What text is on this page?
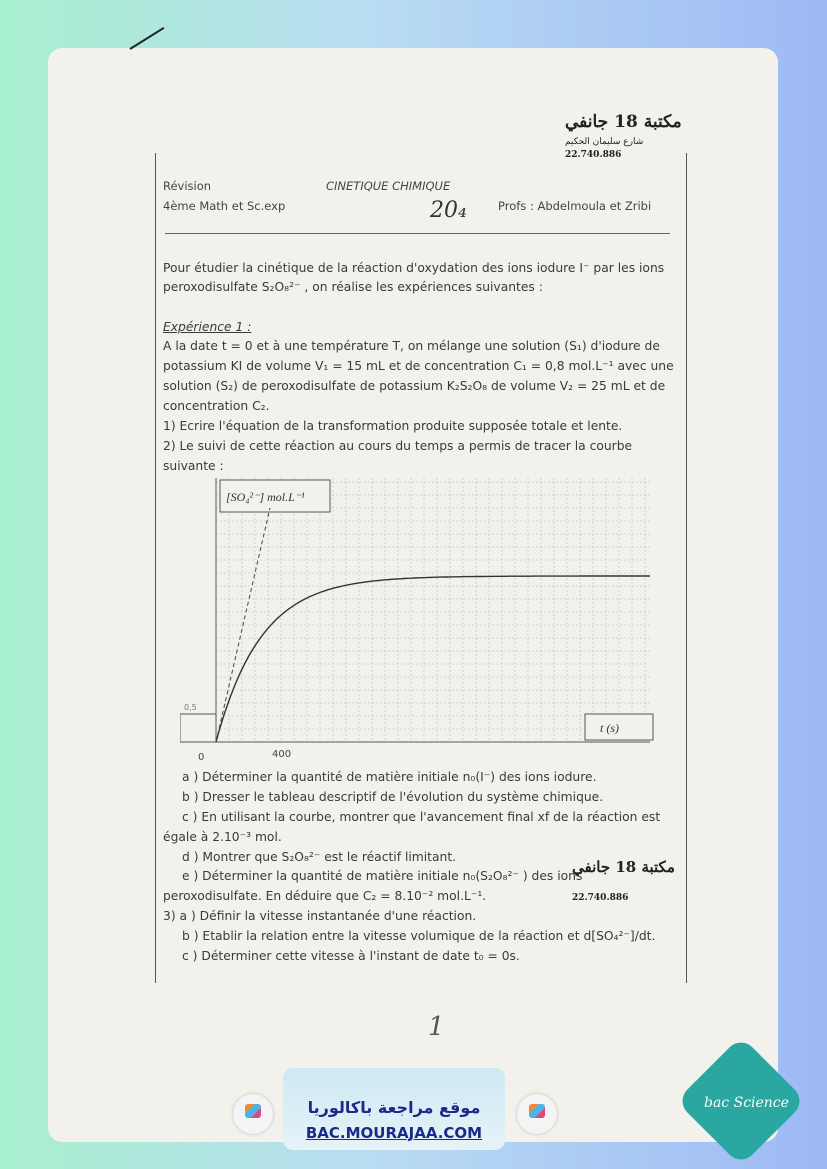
مكتبة 18 جانفي
شارع سليمان الحكيم
22.740.886
Révision
4ème Math et Sc.exp
CINETIQUE CHIMIQUE
20₄	Profs : Abdelmoula et Zribi
Pour étudier la cinétique de la réaction d'oxydation des ions iodure I⁻ par les ions
peroxodisulfate S₂O₈²⁻ , on réalise les expériences suivantes :
Expérience 1 :
A la date t = 0 et à une température T, on mélange une solution (S₁) d'iodure de
potassium KI de volume V₁ = 15 mL et de concentration C₁ = 0,8 mol.L⁻¹ avec une
solution (S₂) de peroxodisulfate de potassium K₂S₂O₈ de volume V₂ = 25 mL et de
concentration C₂.
1) Ecrire l'équation de la transformation produite supposée totale et lente.
2) Le suivi de cette réaction au cours du temps a permis de tracer la courbe
suivante :
[SO₄²⁻] mol.L⁻¹
t (s)
0	400
0,5
a ) Déterminer la quantité de matière initiale n₀(I⁻) des ions iodure.
b ) Dresser le tableau descriptif de l'évolution du système chimique.
c ) En utilisant la courbe, montrer que l'avancement final xf de la réaction est
égale à 2.10⁻³ mol.
d ) Montrer que S₂O₈²⁻ est le réactif limitant.
e ) Déterminer la quantité de matière initiale n₀(S₂O₈²⁻ ) des ions
peroxodisulfate. En déduire que C₂ = 8.10⁻² mol.L⁻¹.
3) a ) Définir la vitesse instantanée d'une réaction.
b ) Etablir la relation entre la vitesse volumique de la réaction et d[SO₄²⁻]/dt.
c ) Déterminer cette vitesse à l'instant de date t₀ = 0s.
مكتبة 18 جانفي
22.740.886
1
موقع مراجعة باكالوريا
BAC.MOURAJAA.COM
bac Science
